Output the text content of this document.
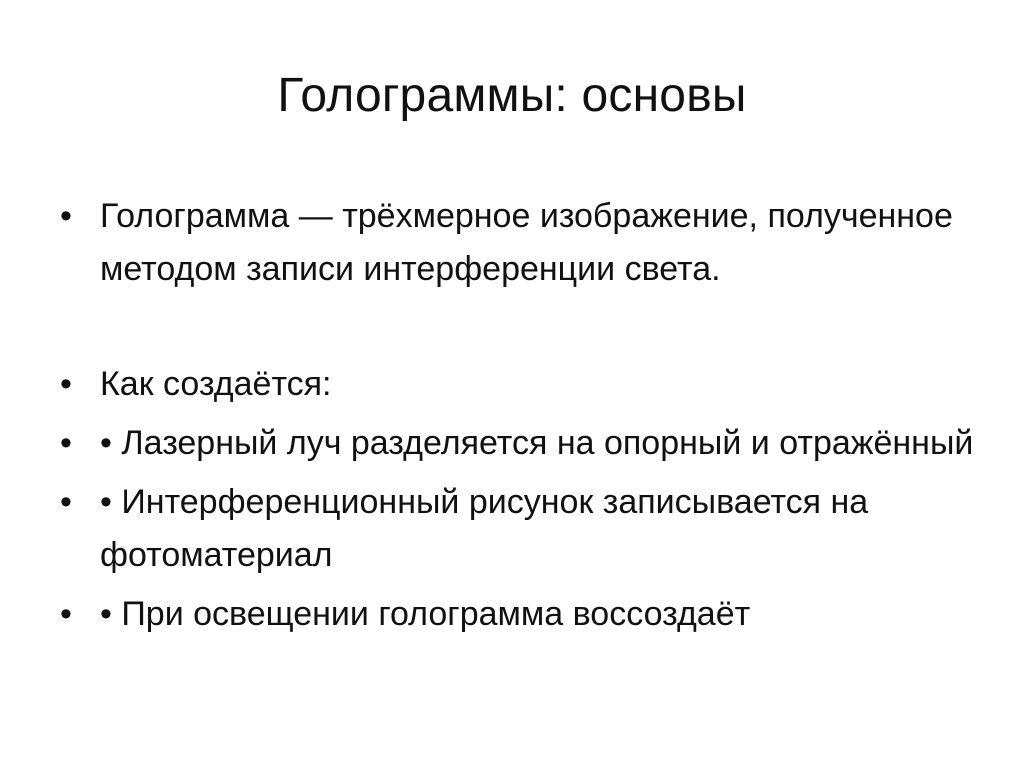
Голограммы: основы
• Голограмма — трёхмерное изображение, полученное методом записи интерференции света.
• Как создаётся:
• • Лазерный луч разделяется на опорный и отражённый
• • Интерференционный рисунок записывается на фотоматериал
• • При освещении голограмма воссоздаёт
